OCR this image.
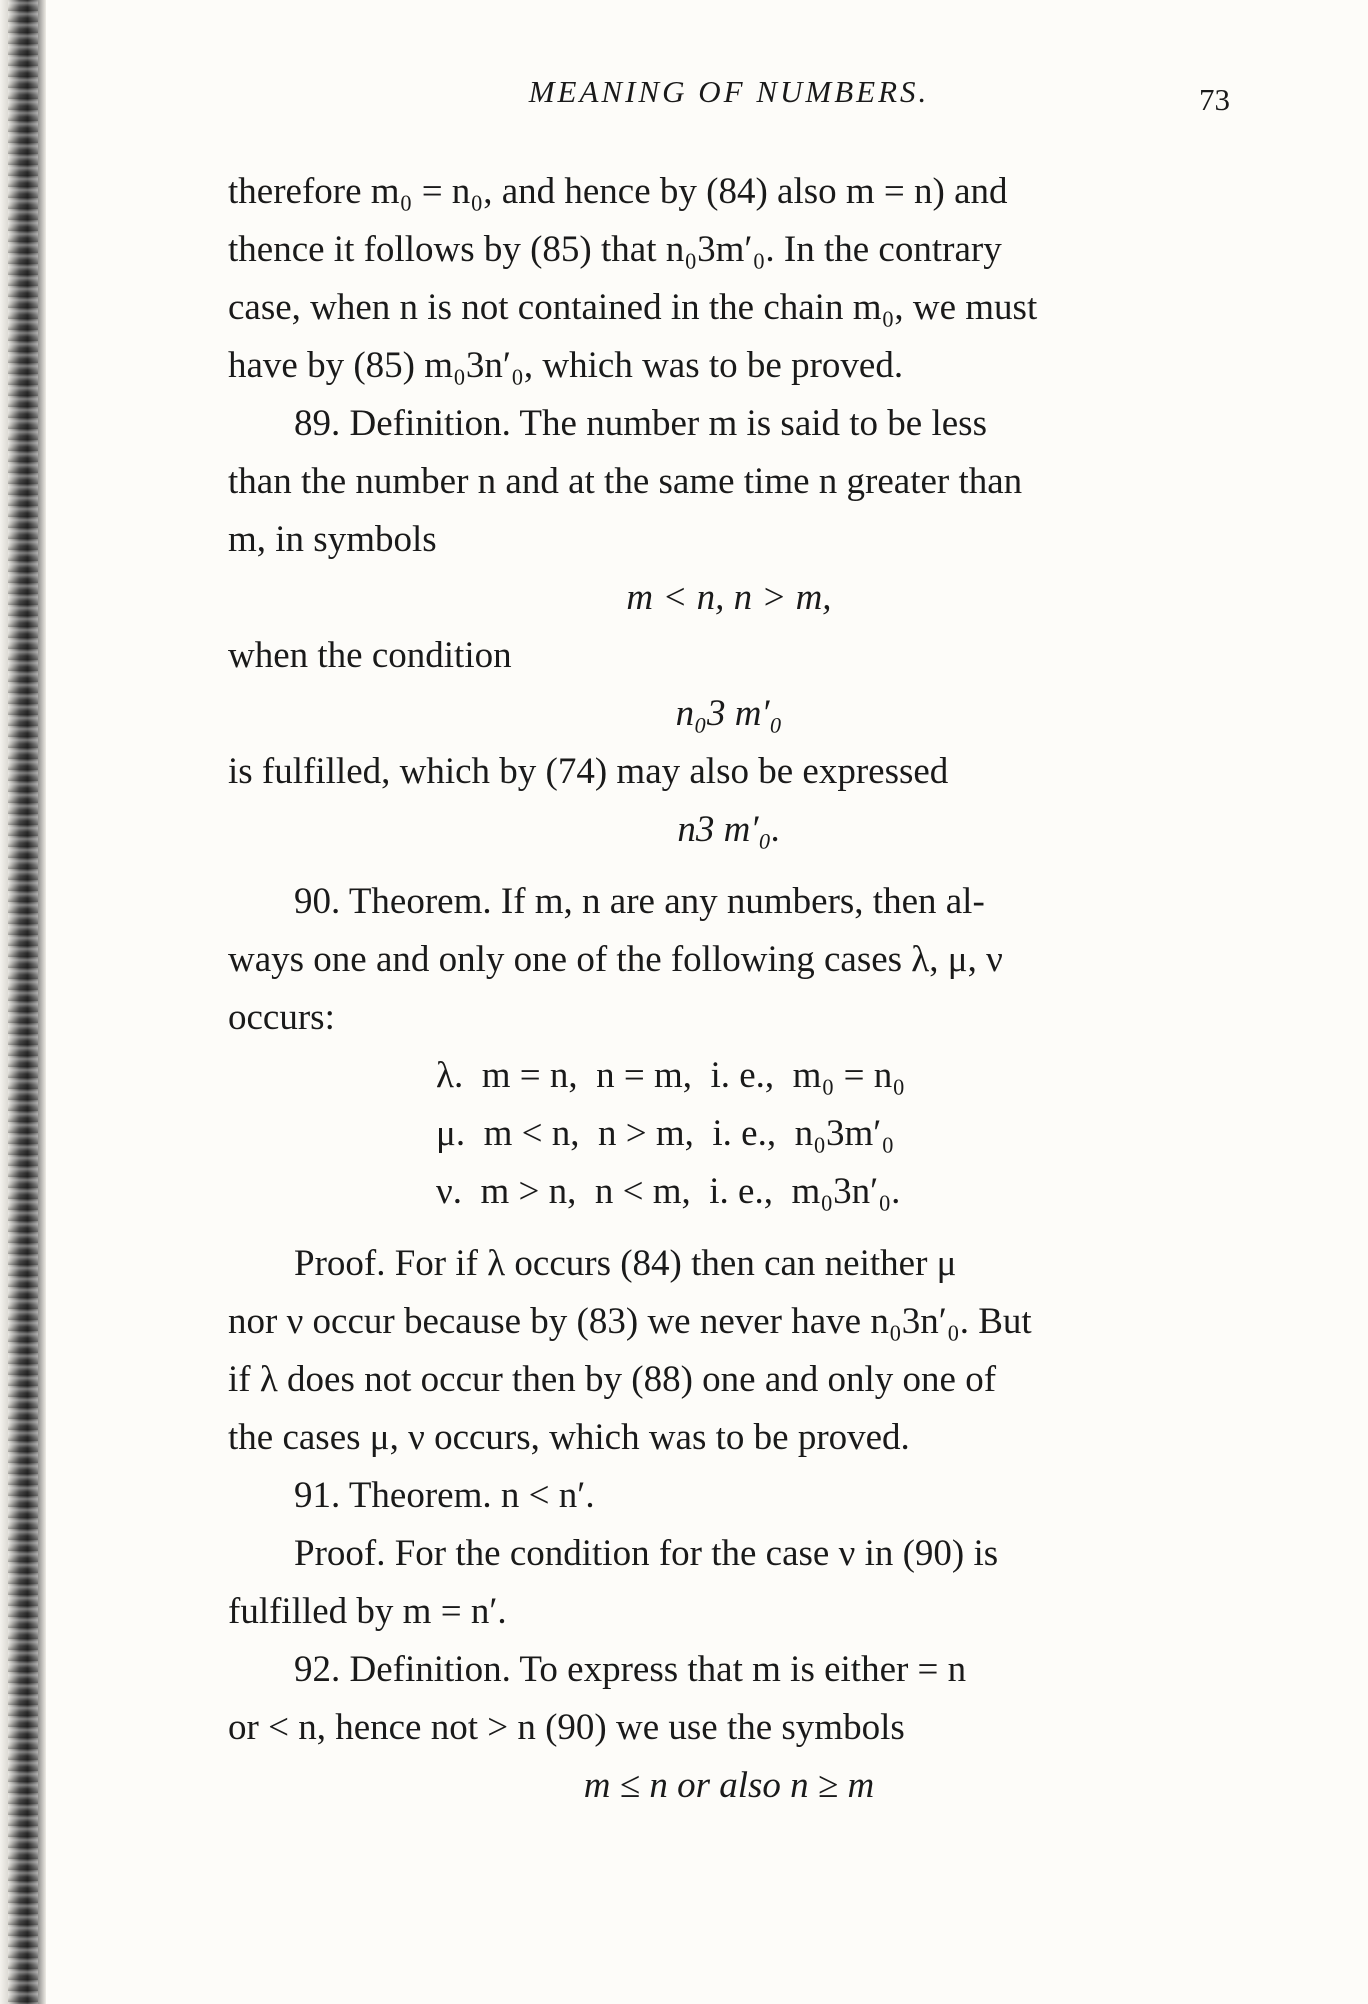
MEANING OF NUMBERS.	73

therefore m₀ = n₀, and hence by (84) also m = n) and

thence it follows by (85) that n₀3m′₀. In the contrary

case, when n is not contained in the chain m₀, we must

have by (85) m₀3n′₀, which was to be proved.

89. Definition. The number m is said to be less

than the number n and at the same time n greater than

m, in symbols

m < n, n > m,

when the condition

n₀3 m′₀

is fulfilled, which by (74) may also be expressed

n3 m′₀.

90. Theorem. If m, n are any numbers, then al-

ways one and only one of the following cases λ, μ, ν

occurs:

λ.  m = n,  n = m,  i. e.,  m₀ = n₀

μ.  m < n,  n > m,  i. e.,  n₀3m′₀

ν.  m > n,  n < m,  i. e.,  m₀3n′₀.

Proof. For if λ occurs (84) then can neither μ

nor ν occur because by (83) we never have n₀3n′₀. But

if λ does not occur then by (88) one and only one of

the cases μ, ν occurs, which was to be proved.

91. Theorem. n < n′.

Proof. For the condition for the case ν in (90) is

fulfilled by m = n′.

92. Definition. To express that m is either = n

or < n, hence not > n (90) we use the symbols

m ≤ n or also n ≥ m
